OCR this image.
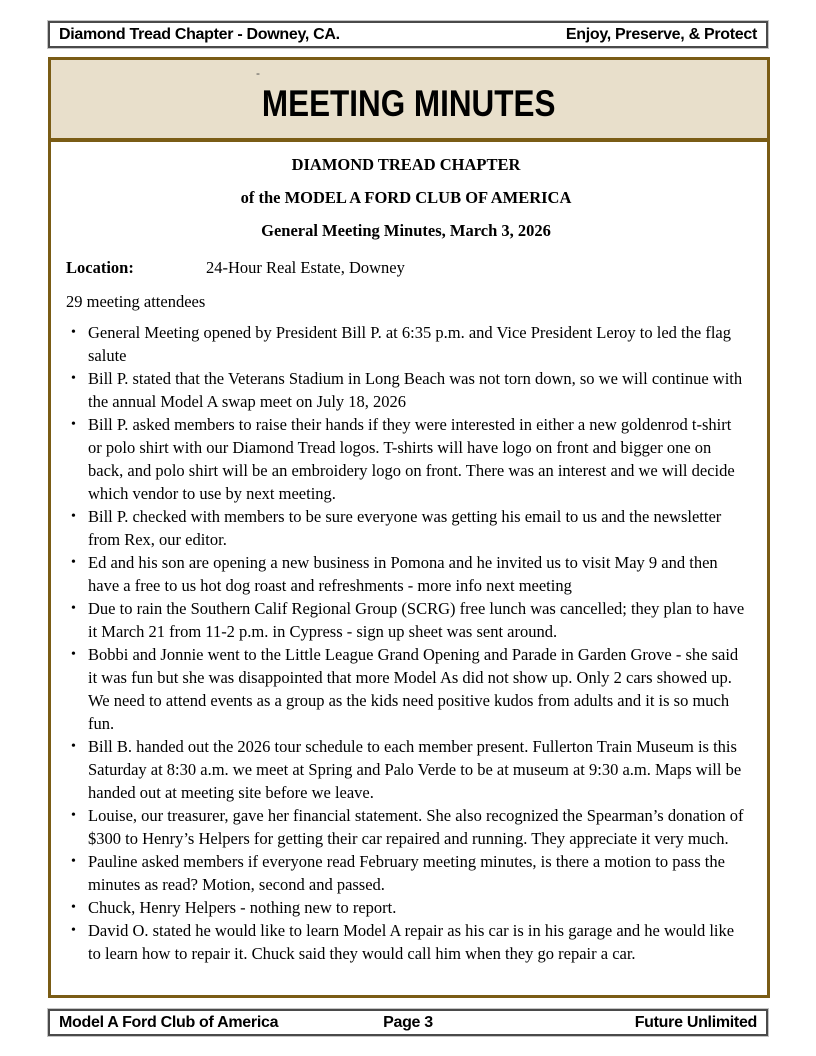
Diamond Tread Chapter - Downey, CA.	Enjoy, Preserve, & Protect
-
MEETING MINUTES
DIAMOND TREAD CHAPTER
of the MODEL A FORD CLUB OF AMERICA
General Meeting Minutes, March 3, 2026
Location:	24-Hour Real Estate, Downey
29 meeting attendees
• General Meeting opened by President Bill P. at 6:35 p.m. and Vice President Leroy to led the flag salute
• Bill P. stated that the Veterans Stadium in Long Beach was not torn down, so we will continue with the annual Model A swap meet on July 18, 2026
• Bill P. asked members to raise their hands if they were interested in either a new goldenrod t-shirt or polo shirt with our Diamond Tread logos. T-shirts will have logo on front and bigger one on back, and polo shirt will be an embroidery logo on front. There was an interest and we will decide which vendor to use by next meeting.
• Bill P. checked with members to be sure everyone was getting his email to us and the newsletter from Rex, our editor.
• Ed and his son are opening a new business in Pomona and he invited us to visit May 9 and then have a free to us hot dog roast and refreshments - more info next meeting
• Due to rain the Southern Calif Regional Group (SCRG) free lunch was cancelled; they plan to have it March 21 from 11-2 p.m. in Cypress - sign up sheet was sent around.
• Bobbi and Jonnie went to the Little League Grand Opening and Parade in Garden Grove - she said it was fun but she was disappointed that more Model As did not show up. Only 2 cars showed up. We need to attend events as a group as the kids need positive kudos from adults and it is so much fun.
• Bill B. handed out the 2026 tour schedule to each member present. Fullerton Train Museum is this Saturday at 8:30 a.m. we meet at Spring and Palo Verde to be at museum at 9:30 a.m. Maps will be handed out at meeting site before we leave.
• Louise, our treasurer, gave her financial statement. She also recognized the Spearman’s donation of $300 to Henry’s Helpers for getting their car repaired and running. They appreciate it very much.
• Pauline asked members if everyone read February meeting minutes, is there a motion to pass the minutes as read? Motion, second and passed.
• Chuck, Henry Helpers - nothing new to report.
• David O. stated he would like to learn Model A repair as his car is in his garage and he would like to learn how to repair it. Chuck said they would call him when they go repair a car.
Model A Ford Club of America	Page 3	Future Unlimited
